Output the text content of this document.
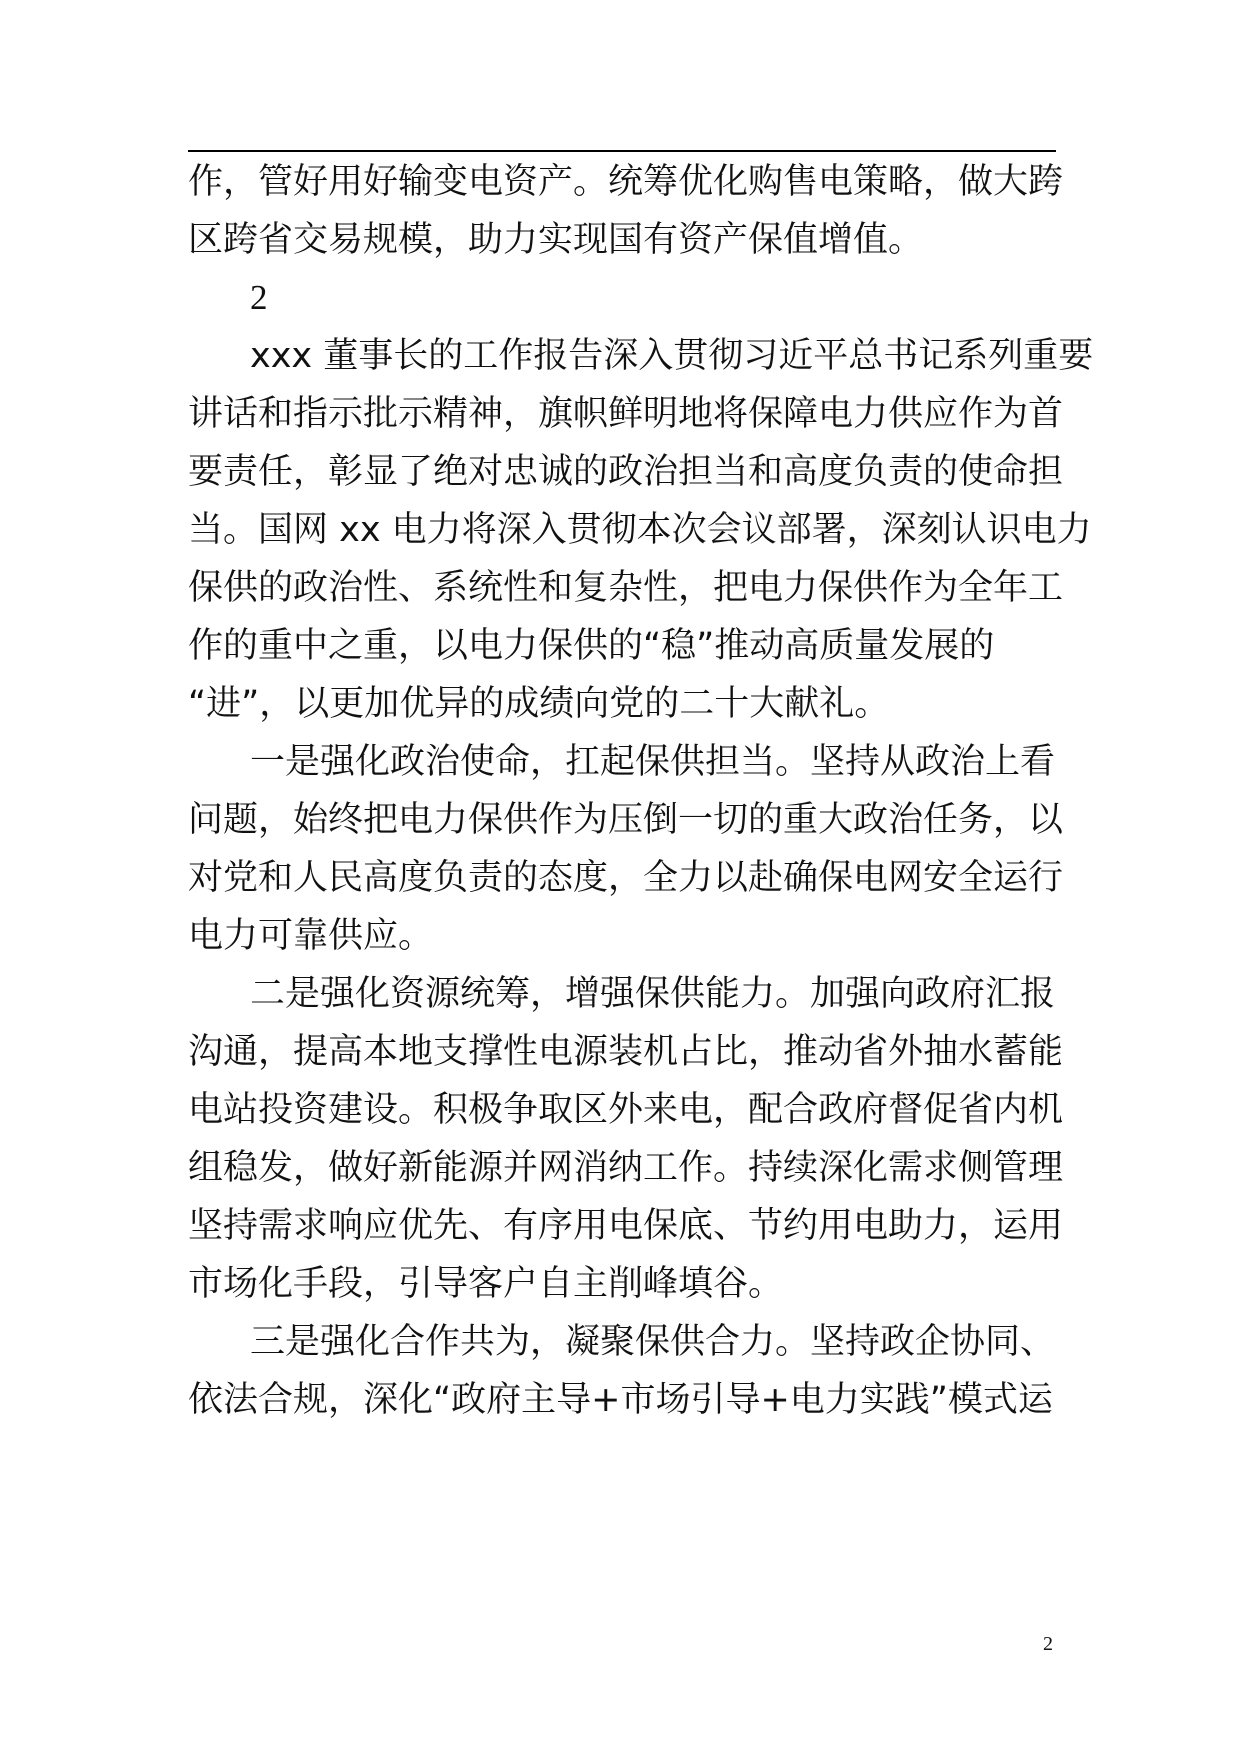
作，管好用好输变电资产。统筹优化购售电策略，做大跨

区跨省交易规模，助力实现国有资产保值增值。

2

xxx 董事长的工作报告深入贯彻习近平总书记系列重要

讲话和指示批示精神，旗帜鲜明地将保障电力供应作为首

要责任，彰显了绝对忠诚的政治担当和高度负责的使命担

当。国网 xx 电力将深入贯彻本次会议部署，深刻认识电力

保供的政治性、系统性和复杂性，把电力保供作为全年工

作的重中之重，以电力保供的“稳”推动高质量发展的

“进”，以更加优异的成绩向党的二十大献礼。

一是强化政治使命，扛起保供担当。坚持从政治上看

问题，始终把电力保供作为压倒一切的重大政治任务，以

对党和人民高度负责的态度，全力以赴确保电网安全运行

电力可靠供应。

二是强化资源统筹，增强保供能力。加强向政府汇报

沟通，提高本地支撑性电源装机占比，推动省外抽水蓄能

电站投资建设。积极争取区外来电，配合政府督促省内机

组稳发，做好新能源并网消纳工作。持续深化需求侧管理

坚持需求响应优先、有序用电保底、节约用电助力，运用

市场化手段，引导客户自主削峰填谷。

三是强化合作共为，凝聚保供合力。坚持政企协同、

依法合规，深化“政府主导+市场引导+电力实践”模式运

2
